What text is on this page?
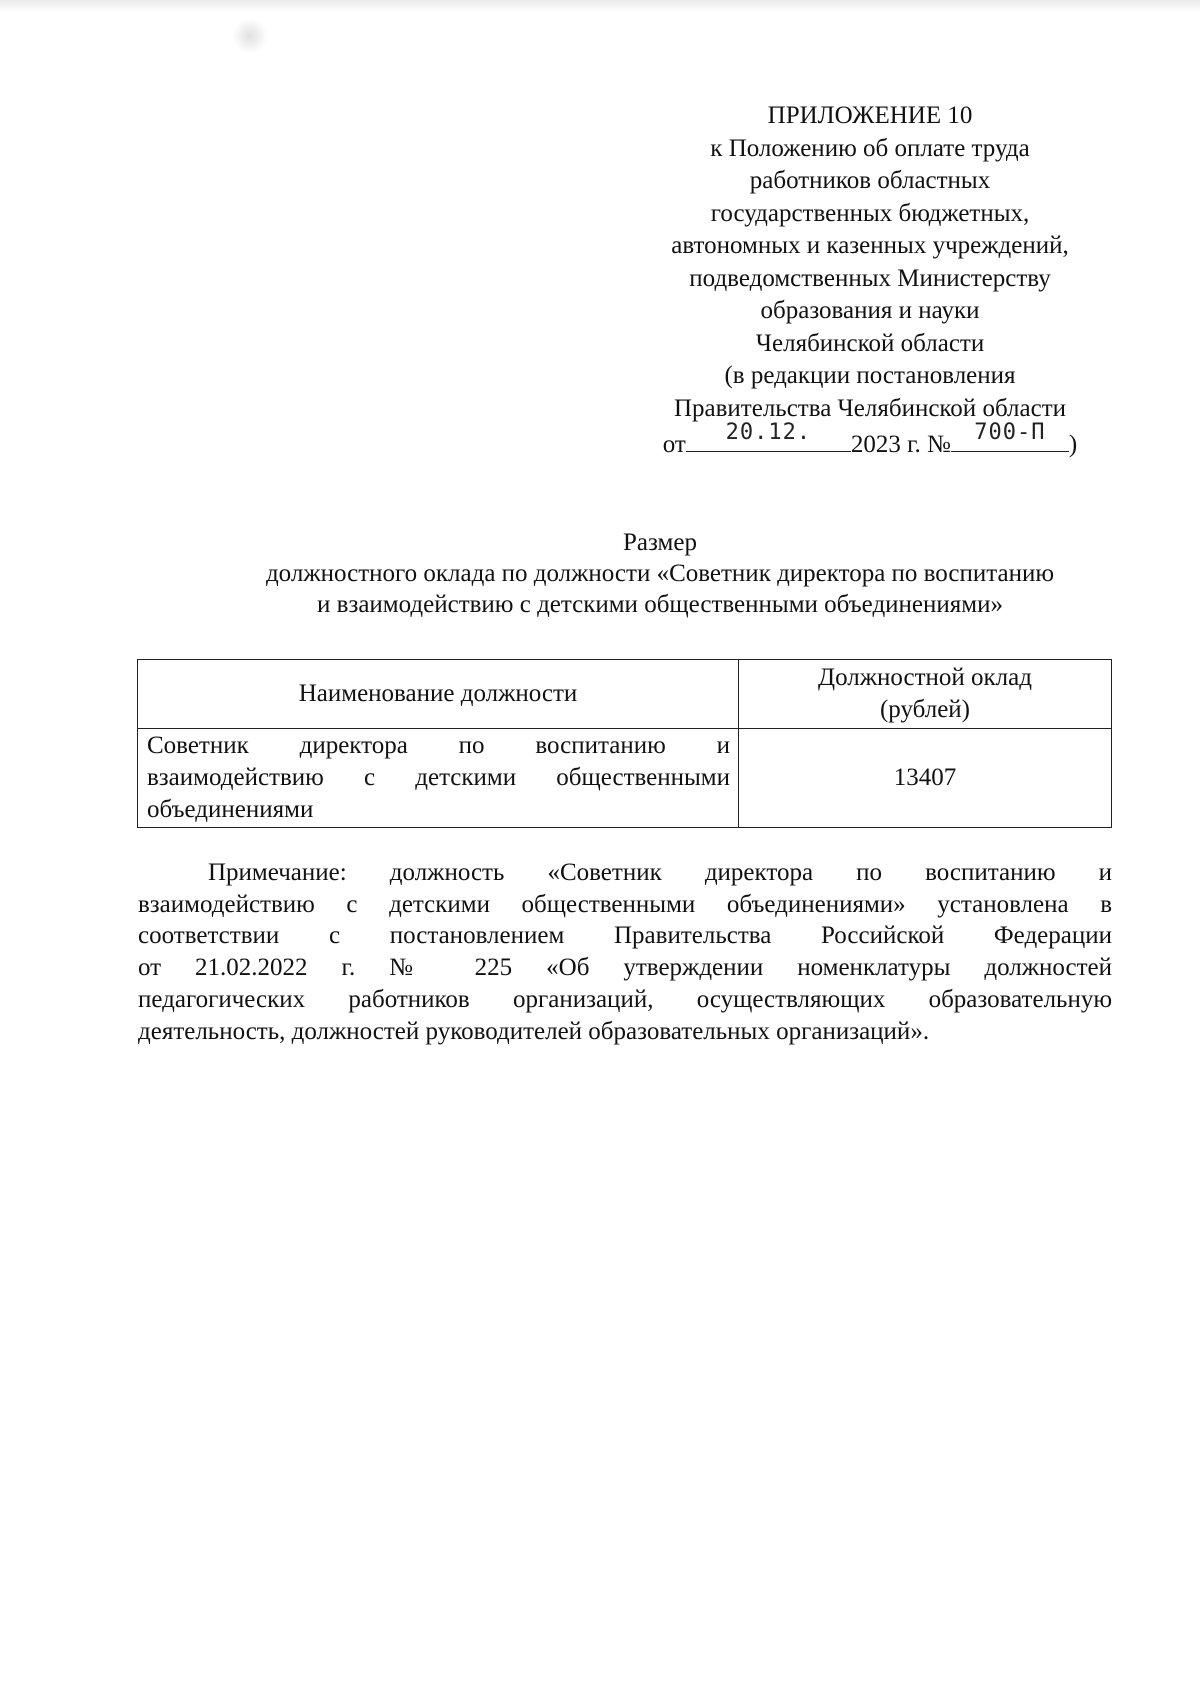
ПРИЛОЖЕНИЕ 10
к Положению об оплате труда
работников областных
государственных бюджетных,
автономных и казенных учреждений,
подведомственных Министерству
образования и науки
Челябинской области
(в редакции постановления
Правительства Челябинской области
от	20.12.	2023 г. №	700-П )
Размер
должностного оклада по должности «Советник директора по воспитанию
и взаимодействию с детскими общественными объединениями»
Наименование должности	Должностной оклад
(рублей)

Советник директора по воспитанию и
взаимодействию с детскими общественными
объединениями	13407
Примечание: должность «Советник директора по воспитанию и
взаимодействию с детскими общественными объединениями» установлена в
соответствии с постановлением Правительства Российской Федерации
от 21.02.2022 г. № 225 «Об утверждении номенклатуры должностей
педагогических работников организаций, осуществляющих образовательную
деятельность, должностей руководителей образовательных организаций».
